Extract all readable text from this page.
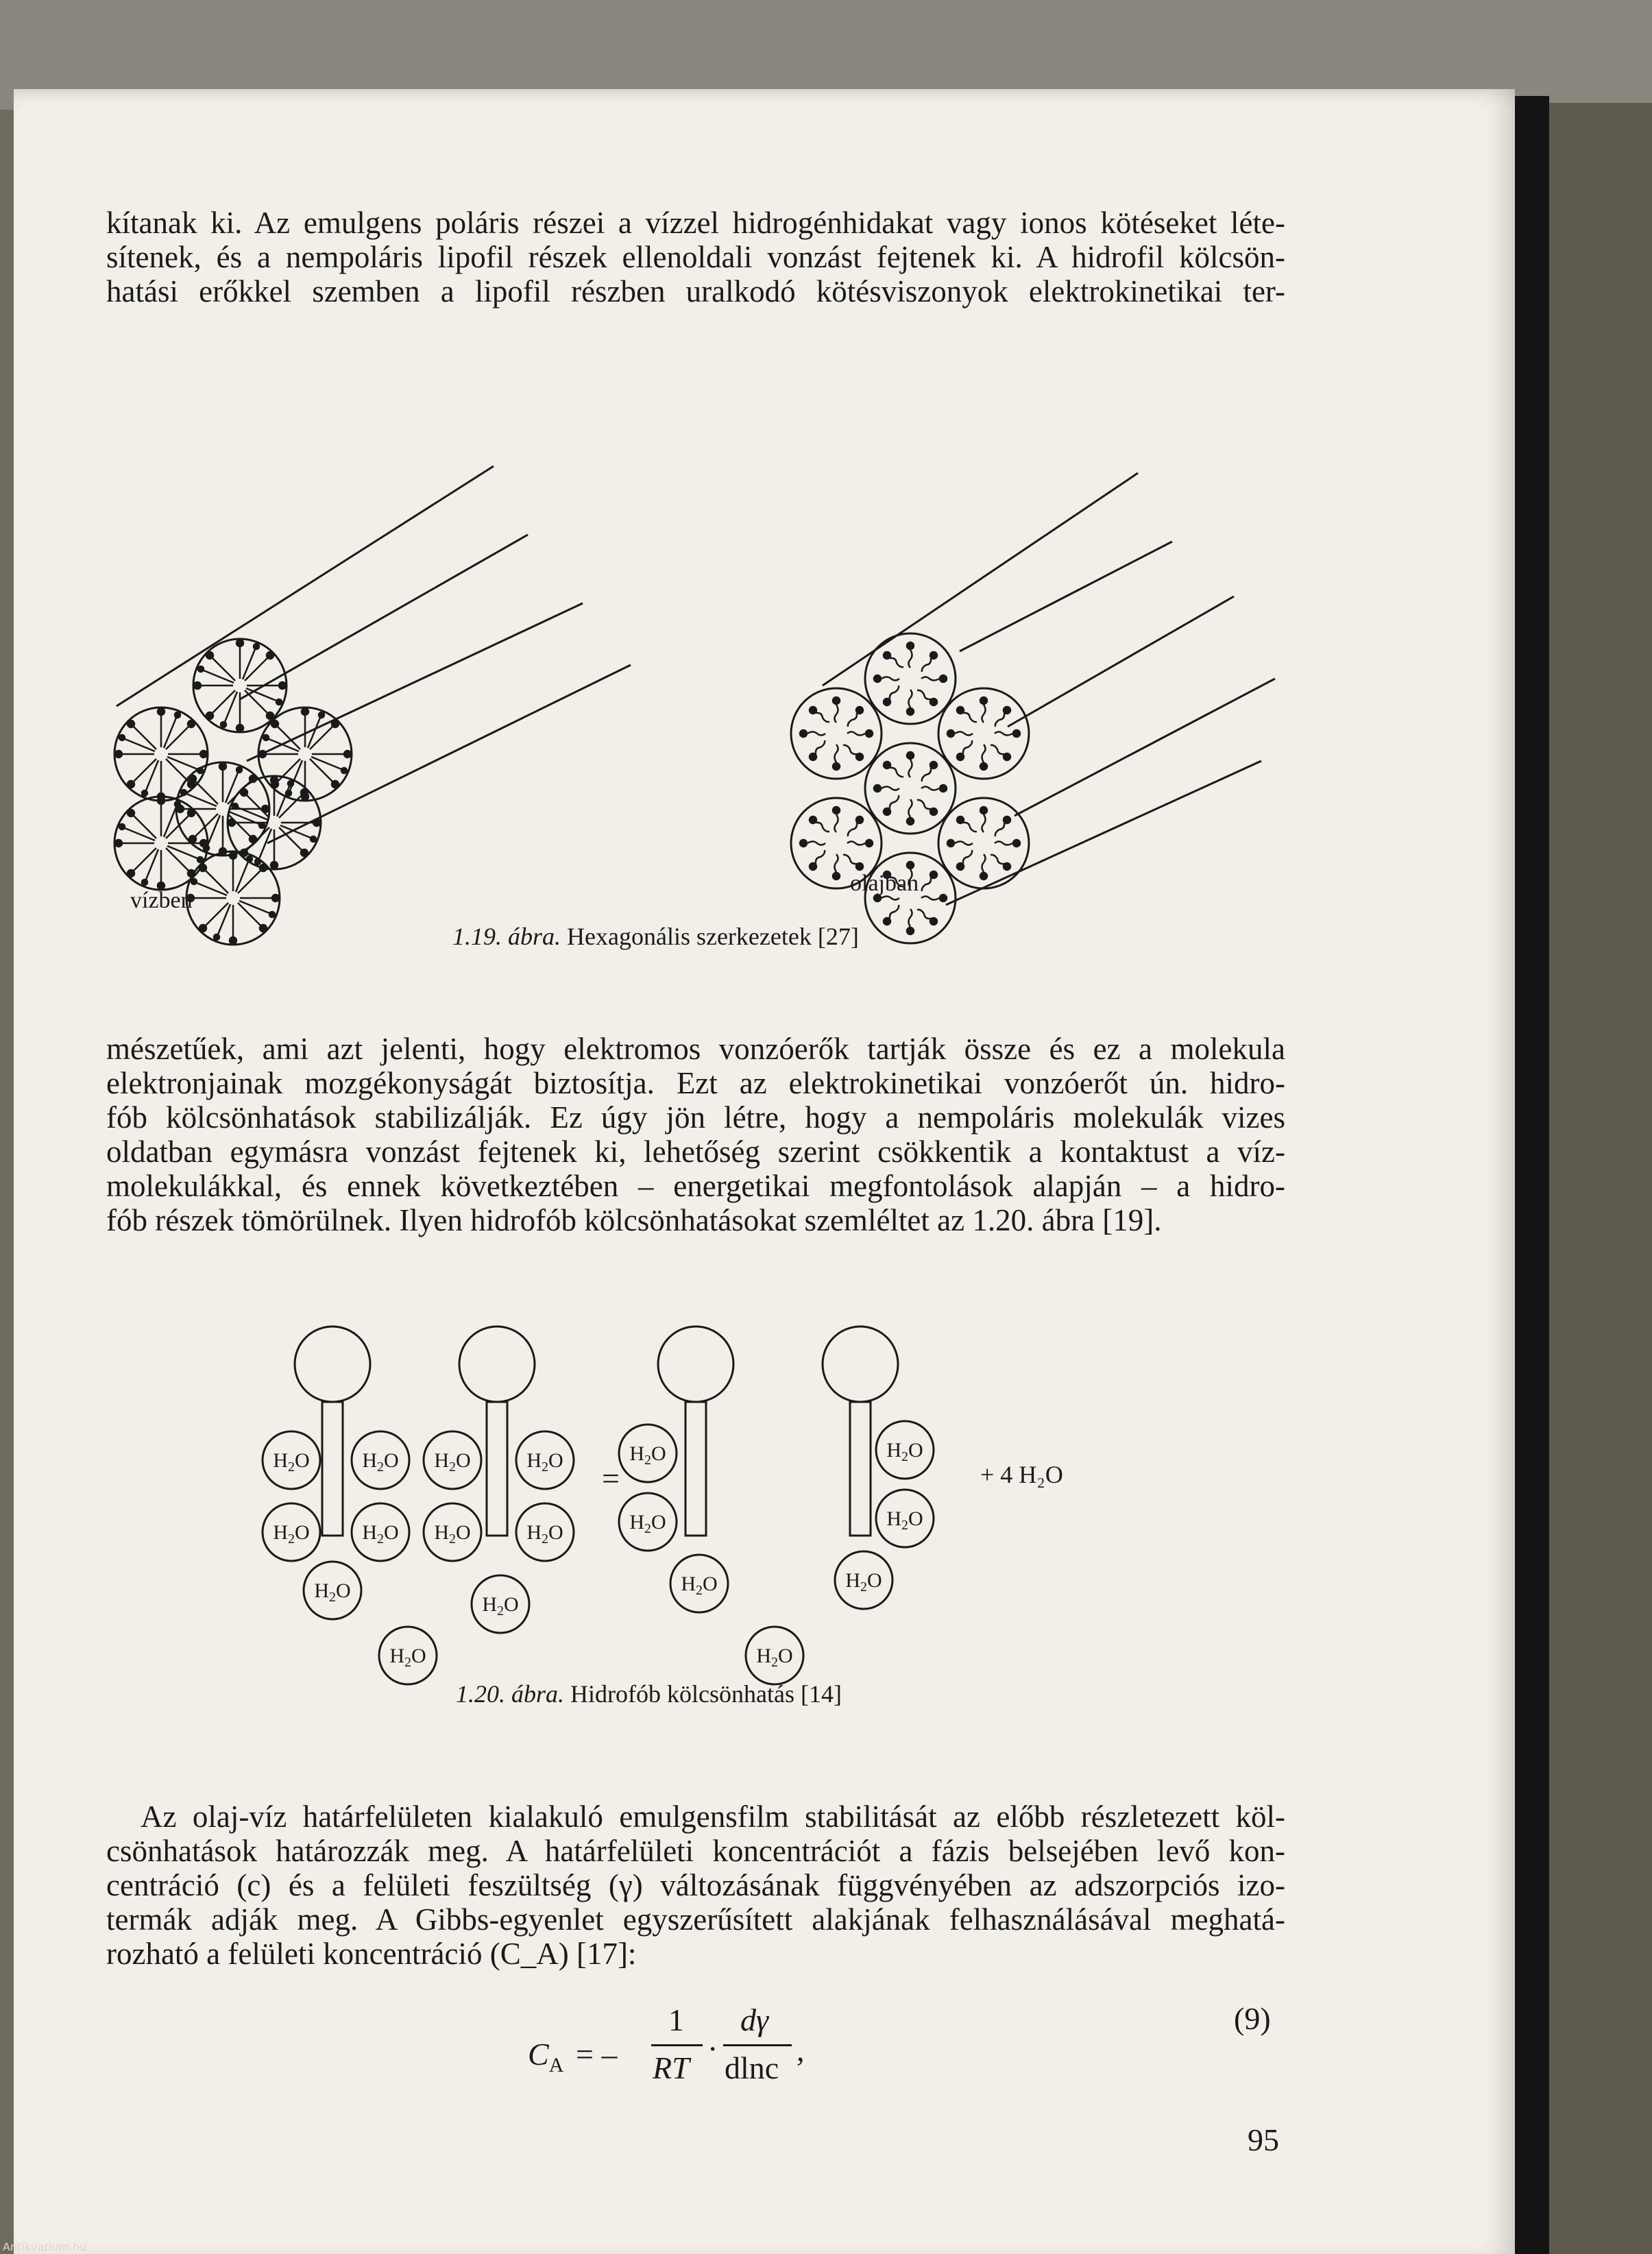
kítanak ki. Az emulgens poláris részei a vízzel hidrogénhidakat vagy ionos kötéseket léte-
sítenek, és a nempoláris lipofil részek ellenoldali vonzást fejtenek ki. A hidrofil kölcsön-
hatási erőkkel szemben a lipofil részben uralkodó kötésviszonyok elektrokinetikai ter-
vízben
olajban
1.19. ábra. Hexagonális szerkezetek [27]
mészetűek, ami azt jelenti, hogy elektromos vonzóerők tartják össze és ez a molekula
elektronjainak mozgékonyságát biztosítja. Ezt az elektrokinetikai vonzóerőt ún. hidro-
fób kölcsönhatások stabilizálják. Ez úgy jön létre, hogy a nempoláris molekulák vizes
oldatban egymásra vonzást fejtenek ki, lehetőség szerint csökkentik a kontaktust a víz-
molekulákkal, és ennek következtében – energetikai megfontolások alapján – a hidro-
fób részek tömörülnek. Ilyen hidrofób kölcsönhatásokat szemléltet az 1.20. ábra [19].
$H_2O$	$H_2O$
$H_2O$	$H_2O$
$H_2O$
$H_2O$	$H_2O$
$H_2O$	$H_2O$
$H_2O$
$H_2O$
$H_2O$
$H_2O$
$H_2O$
$H_2O$
$H_2O$
$H_2O$
$H_2O$
=	+ 4 H₂O
1.20. ábra. Hidrofób kölcsönhatás [14]
Az olaj-víz határfelületen kialakuló emulgensfilm stabilitását az előbb részletezett köl-
csönhatások határozzák meg. A határfelületi koncentrációt a fázis belsejében levő kon-
centráció (c) és a felületi feszültség (γ) változásának függvényében az adszorpciós izo-
termák adják meg. A Gibbs-egyenlet egyszerűsített alakjának felhasználásával meghatá-
rozható a felületi koncentráció (C_A) [17]:
$C_A$ = –
1
RT
·
dγ
dlnc
,
(9)
95
Antikvarium.hu
